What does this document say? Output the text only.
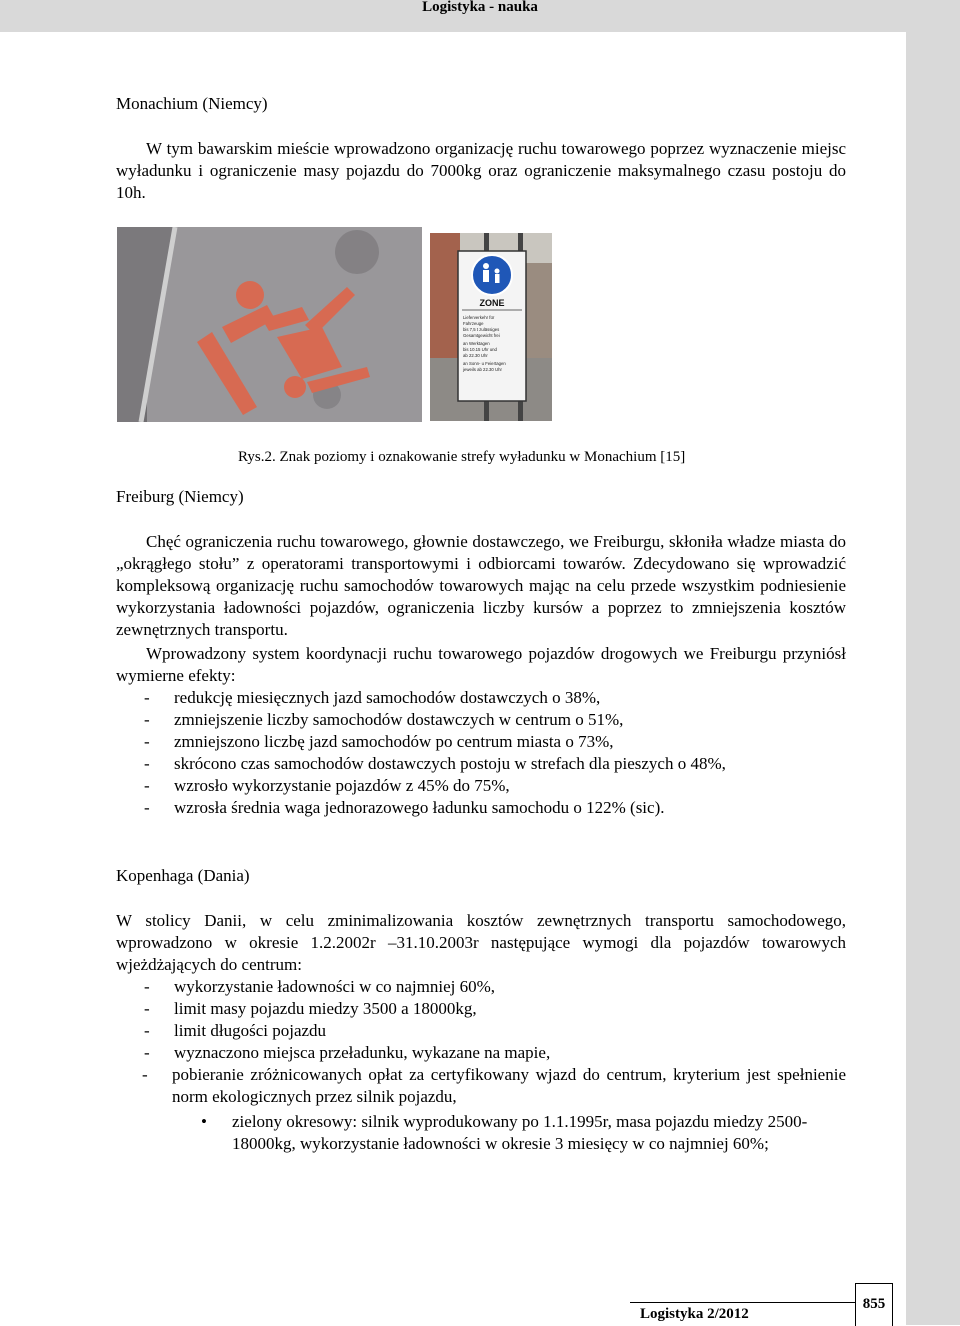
Logistyka - nauka
Monachium (Niemcy)
W tym bawarskim mieście wprowadzono organizację ruchu towarowego poprzez wyznaczenie miejsc wyładunku i ograniczenie masy pojazdu do 7000kg oraz ograniczenie maksymalnego czasu postoju do 10h.
ZONE
Lieferverkehr für
Fahrzeuge
bis 7,5 t zulässiges
Gesamtgewicht frei
an Werktagen
bis 10.15 Uhr und
ab 22.30 Uhr
an Sonn- u Feiertagen
jeweils ab 22.30 Uhr
Rys.2. Znak poziomy i oznakowanie strefy wyładunku w Monachium [15]
Freiburg (Niemcy)
Chęć ograniczenia ruchu towarowego, głownie dostawczego, we Freiburgu, skłoniła władze miasta do „okrągłego stołu” z operatorami transportowymi i odbiorcami towarów. Zdecydowano się wprowadzić kompleksową organizację ruchu samochodów towarowych mając na celu przede wszystkim podniesienie wykorzystania ładowności pojazdów, ograniczenia liczby kursów a poprzez to zmniejszenia kosztów zewnętrznych transportu.
Wprowadzony system koordynacji ruchu towarowego pojazdów drogowych we Freiburgu przyniósł wymierne efekty:
- redukcję miesięcznych jazd samochodów dostawczych o 38%,
- zmniejszenie liczby samochodów dostawczych w centrum o 51%,
- zmniejszono liczbę jazd samochodów po centrum miasta o 73%,
- skrócono czas samochodów dostawczych postoju w strefach dla pieszych o 48%,
- wzrosło wykorzystanie pojazdów z 45% do 75%,
- wzrosła średnia waga jednorazowego ładunku samochodu o 122% (sic).
Kopenhaga (Dania)
W stolicy Danii, w celu zminimalizowania kosztów zewnętrznych transportu samochodowego, wprowadzono w okresie 1.2.2002r –31.10.2003r następujące wymogi dla pojazdów towarowych wjeżdżających do centrum:
- wykorzystanie ładowności w co najmniej 60%,
- limit masy pojazdu miedzy 3500 a 18000kg,
- limit długości pojazdu
- wyznaczono miejsca przeładunku, wykazane na mapie,
- pobieranie zróżnicowanych opłat za certyfikowany wjazd do centrum, kryterium jest spełnienie norm ekologicznych przez silnik pojazdu,
• zielony okresowy: silnik wyprodukowany po 1.1.1995r, masa pojazdu miedzy 2500-18000kg, wykorzystanie ładowności w okresie 3 miesięcy w co najmniej 60%;
Logistyka 2/2012
855
